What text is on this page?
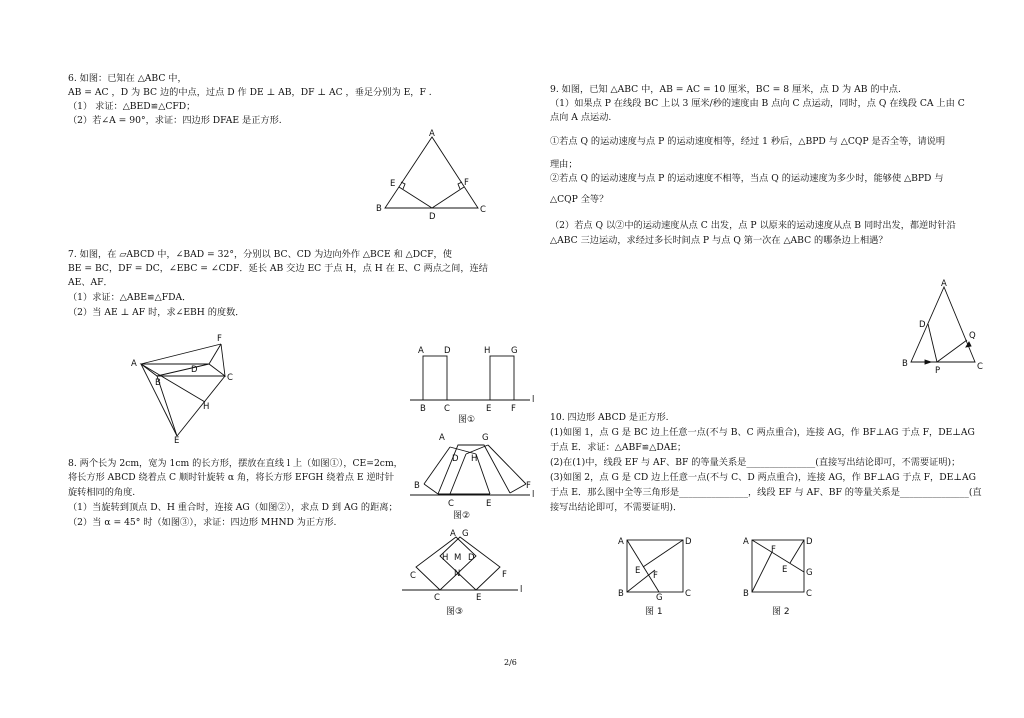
6. 如图：已知在 △ABC 中，
AB = AC ，D 为 BC 边的中点，过点 D 作 DE ⊥ AB，DF ⊥ AC ，垂足分别为 E，F .
（1） 求证：△BED≌△CFD；
（2）若∠A = 90°，求证：四边形 DFAE 是正方形.
7. 如图，在 ▱ABCD 中，∠BAD = 32°，分别以 BC、CD 为边向外作 △BCE 和 △DCF，使
BE = BC，DF = DC，∠EBC = ∠CDF．延长 AB 交边 EC 于点 H，点 H 在 E、C 两点之间，连结
AE、AF．
（1）求证：△ABE≌△FDA．
（2）当 AE ⊥ AF 时，求∠EBH 的度数．
8. 两个长为 2cm，宽为 1cm 的长方形，摆放在直线 l 上（如图①），CE=2cm，
将长方形 ABCD 绕着点 C 顺时针旋转 α 角，将长方形 EFGH 绕着点 E 逆时针
旋转相同的角度.
（1）当旋转到顶点 D、H 重合时，连接 AG（如图②），求点 D 到 AG 的距离；
（2）当 α = 45° 时（如图③），求证：四边形 MHND 为正方形.
9. 如图，已知 △ABC 中，AB = AC = 10 厘米，BC = 8 厘米，点 D 为 AB 的中点.
（1）如果点 P 在线段 BC 上以 3 厘米/秒的速度由 B 点向 C 点运动，同时，点 Q 在线段 CA 上由 C
点向 A 点运动.
①若点 Q 的运动速度与点 P 的运动速度相等，经过 1 秒后，△BPD 与 △CQP 是否全等，请说明
理由；
②若点 Q 的运动速度与点 P 的运动速度不相等，当点 Q 的运动速度为多少时，能够使 △BPD 与
△CQP 全等？
（2）若点 Q 以②中的运动速度从点 C 出发，点 P 以原来的运动速度从点 B 同时出发，都逆时针沿
△ABC 三边运动，求经过多长时间点 P 与点 Q 第一次在 △ABC 的哪条边上相遇？
10. 四边形 ABCD 是正方形.
(1)如图 1，点 G 是 BC 边上任意一点(不与 B、C 两点重合)，连接 AG，作 BF⊥AG 于点 F，DE⊥AG
于点 E．求证：△ABF≌△DAE；
(2)在(1)中，线段 EF 与 AF、BF 的等量关系是_______________(直接写出结论即可，不需要证明)；
(3)如图 2，点 G 是 CD 边上任意一点(不与 C、D 两点重合)，连接 AG，作 BF⊥AG 于点 F，DE⊥AG
于点 E．那么图中全等三角形是_______________，线段 EF 与 AF、BF 的等量关系是_______________(直
接写出结论即可，不需要证明)．
A
B	C
D
E	F
A
B	C
D
E
F
H
A D	H G
B C	E F
l
图①
A	G
D H
B	F
C	E
l
图②
A G
H M D
N
C	F
C	E
l
图③
A
D
B	C
P
Q
A	D
B	C
G
E F
图 1
A	D
B	C
G
F
E
图 2
2/6
